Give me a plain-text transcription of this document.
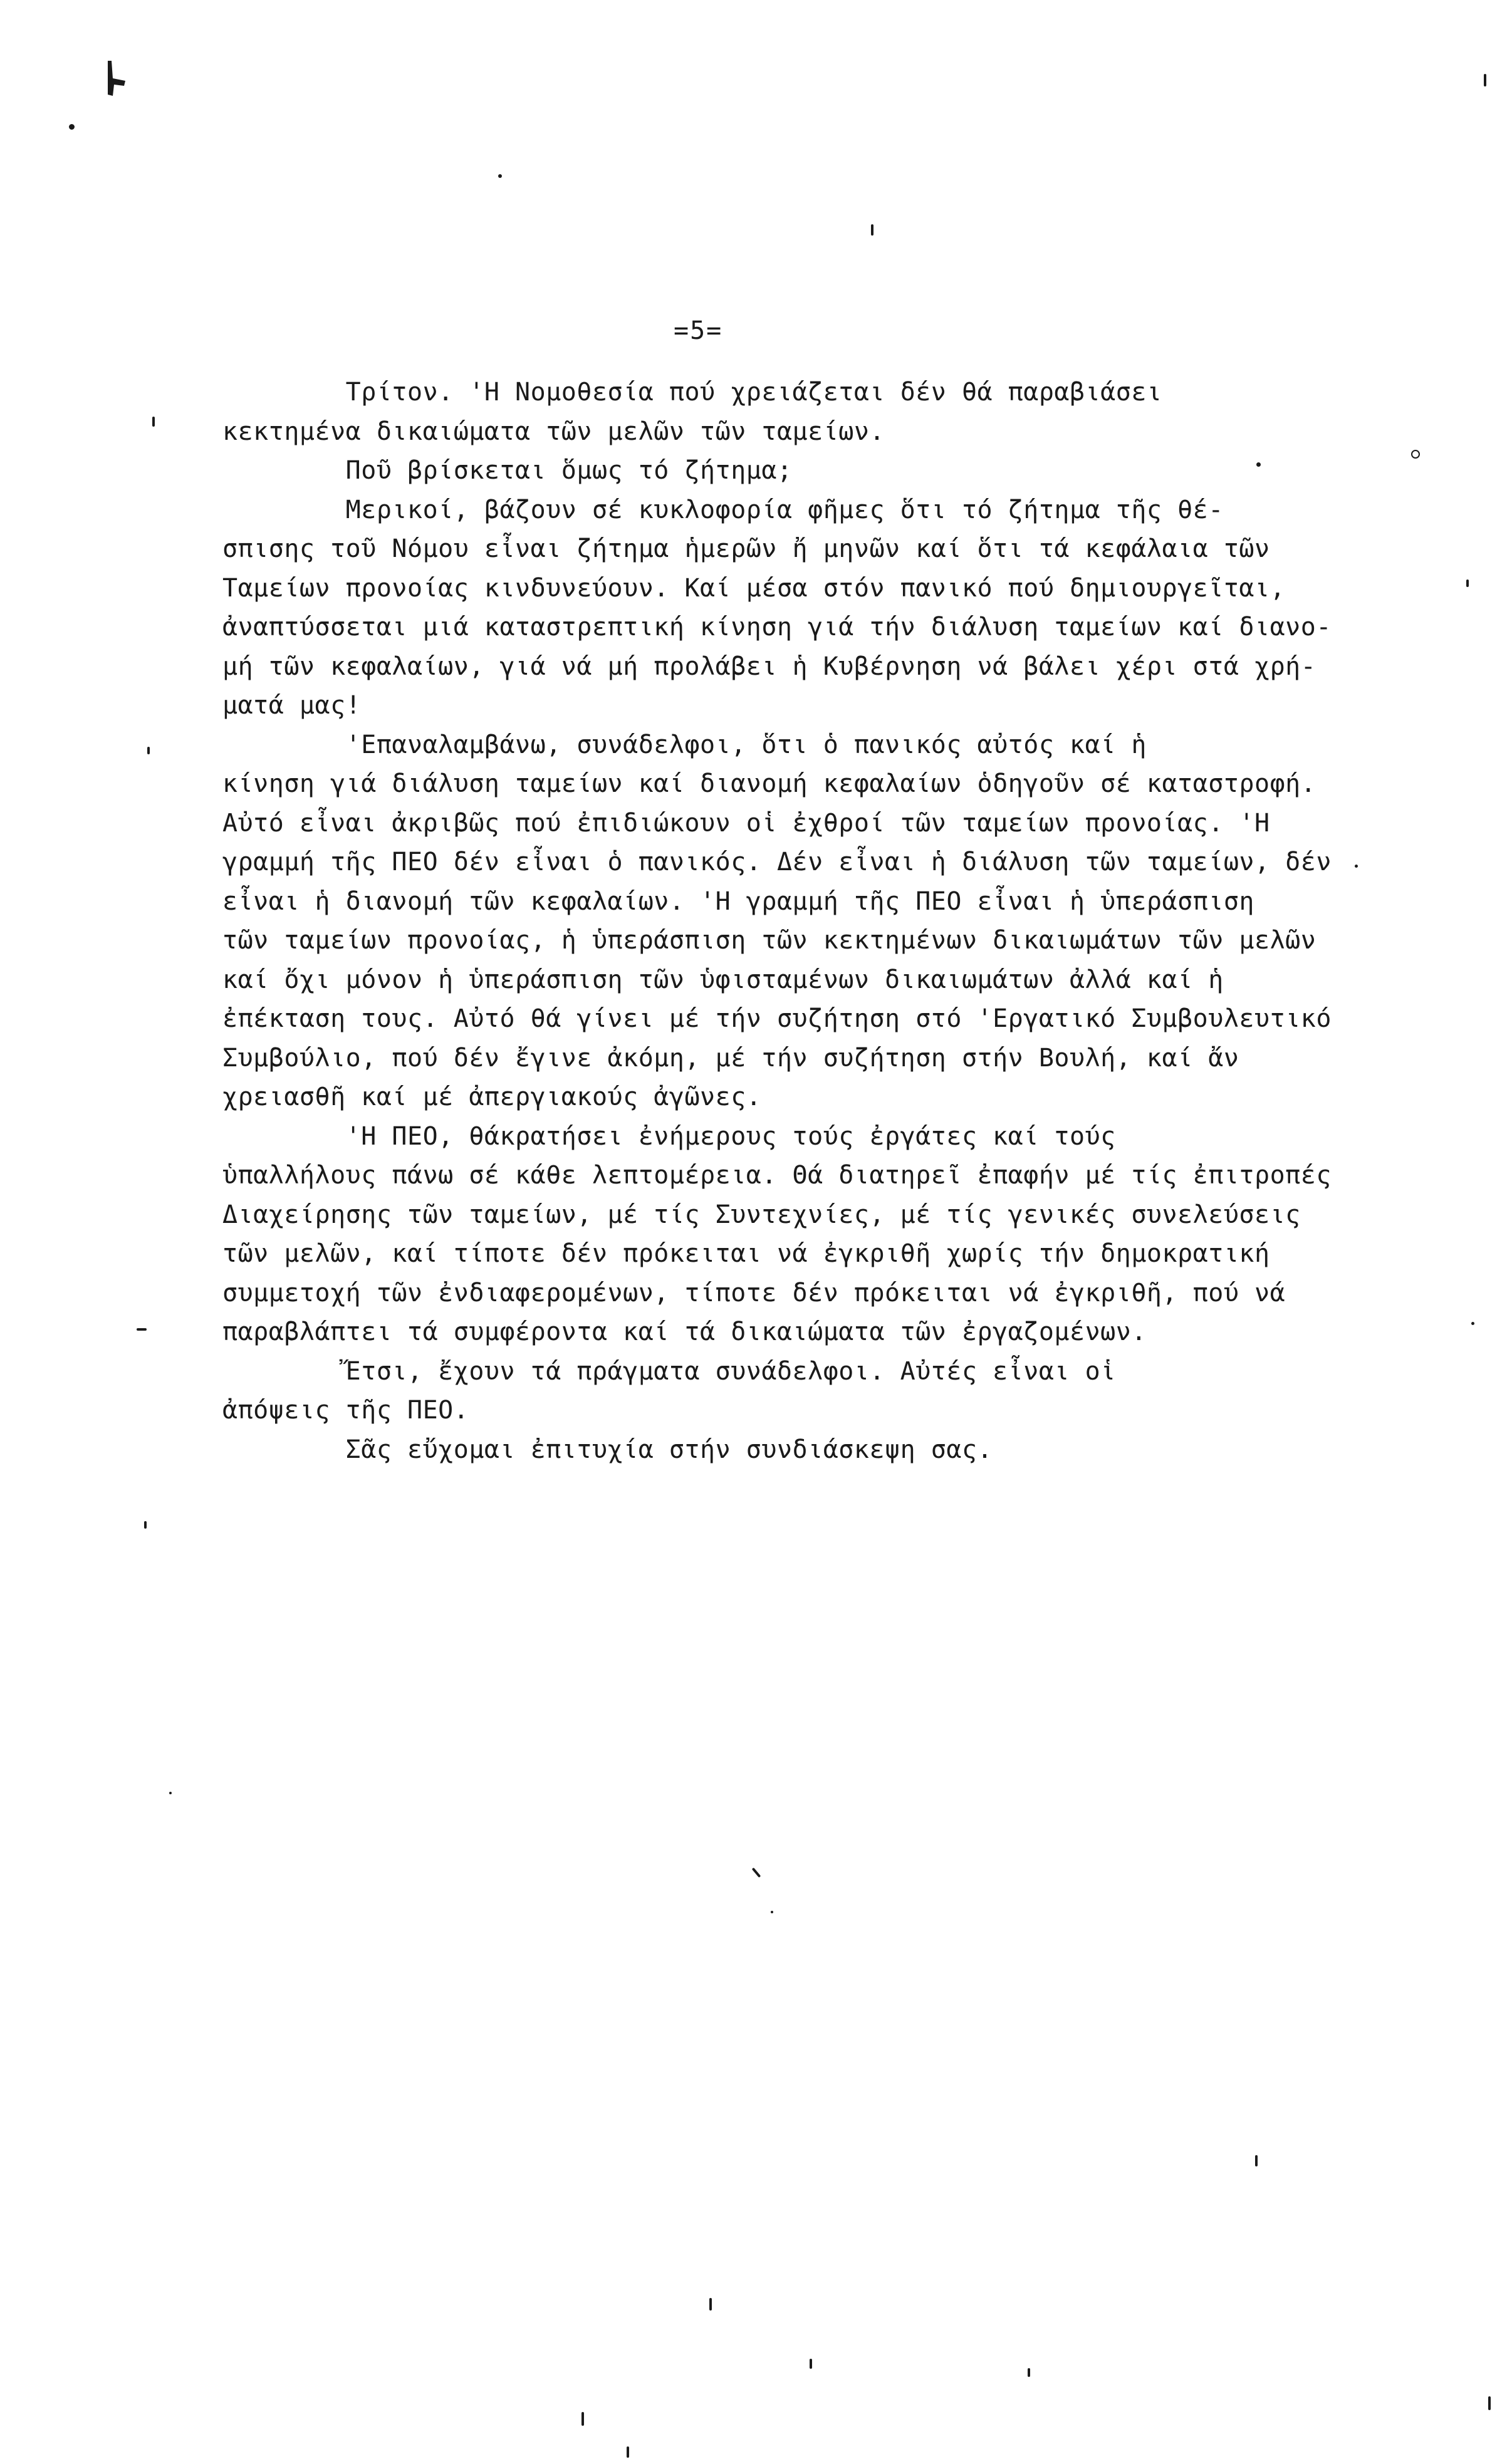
=5=
Τρίτον. 'Η Νομοθεσία πού χρειάζεται δέν θά παραβιάσει
κεκτημένα δικαιώματα τῶν μελῶν τῶν ταμείων.
Ποῦ βρίσκεται ὅμως τό ζήτημα;
Μερικοί, βάζουν σέ κυκλοφορία φῆμες ὅτι τό ζήτημα τῆς θέ-
σπισης τοῦ Νόμου εἶναι ζήτημα ἡμερῶν ἤ μηνῶν καί ὅτι τά κεφάλαια τῶν
Ταμείων προνοίας κινδυνεύουν. Καί μέσα στόν πανικό πού δημιουργεῖται,
ἀναπτύσσεται μιά καταστρεπτική κίνηση γιά τήν διάλυση ταμείων καί διανο-
μή τῶν κεφαλαίων, γιά νά μή προλάβει ἡ Κυβέρνηση νά βάλει χέρι στά χρή-
ματά μας!
'Επαναλαμβάνω, συνάδελφοι, ὅτι ὁ πανικός αὐτός καί ἡ
κίνηση γιά διάλυση ταμείων καί διανομή κεφαλαίων ὁδηγοῦν σέ καταστροφή.
Αὐτό εἶναι ἀκριβῶς πού ἐπιδιώκουν οἱ ἐχθροί τῶν ταμείων προνοίας. 'Η
γραμμή τῆς ΠΕΟ δέν εἶναι ὁ πανικός. Δέν εἶναι ἡ διάλυση τῶν ταμείων, δέν
εἶναι ἡ διανομή τῶν κεφαλαίων. 'Η γραμμή τῆς ΠΕΟ εἶναι ἡ ὑπεράσπιση
τῶν ταμείων προνοίας, ἡ ὑπεράσπιση τῶν κεκτημένων δικαιωμάτων τῶν μελῶν
καί ὄχι μόνον ἡ ὑπεράσπιση τῶν ὑφισταμένων δικαιωμάτων ἀλλά καί ἡ
ἐπέκταση τους. Αὐτό θά γίνει μέ τήν συζήτηση στό 'Εργατικό Συμβουλευτικό
Συμβούλιο, πού δέν ἔγινε ἀκόμη, μέ τήν συζήτηση στήν Βουλή, καί ἄν
χρειασθῆ καί μέ ἀπεργιακούς ἀγῶνες.
'Η ΠΕΟ, θάκρατήσει ἐνήμερους τούς ἐργάτες καί τούς
ὑπαλλήλους πάνω σέ κάθε λεπτομέρεια. Θά διατηρεῖ ἐπαφήν μέ τίς ἐπιτροπές
Διαχείρησης τῶν ταμείων, μέ τίς Συντεχνίες, μέ τίς γενικές συνελεύσεις
τῶν μελῶν, καί τίποτε δέν πρόκειται νά ἐγκριθῆ χωρίς τήν δημοκρατική
συμμετοχή τῶν ἐνδιαφερομένων, τίποτε δέν πρόκειται νά ἐγκριθῆ, πού νά
παραβλάπτει τά συμφέροντα καί τά δικαιώματα τῶν ἐργαζομένων.
Ἔτσι, ἔχουν τά πράγματα συνάδελφοι. Αὐτές εἶναι οἱ
ἀπόψεις τῆς ΠΕΟ.
Σᾶς εὔχομαι ἐπιτυχία στήν συνδιάσκεψη σας.
